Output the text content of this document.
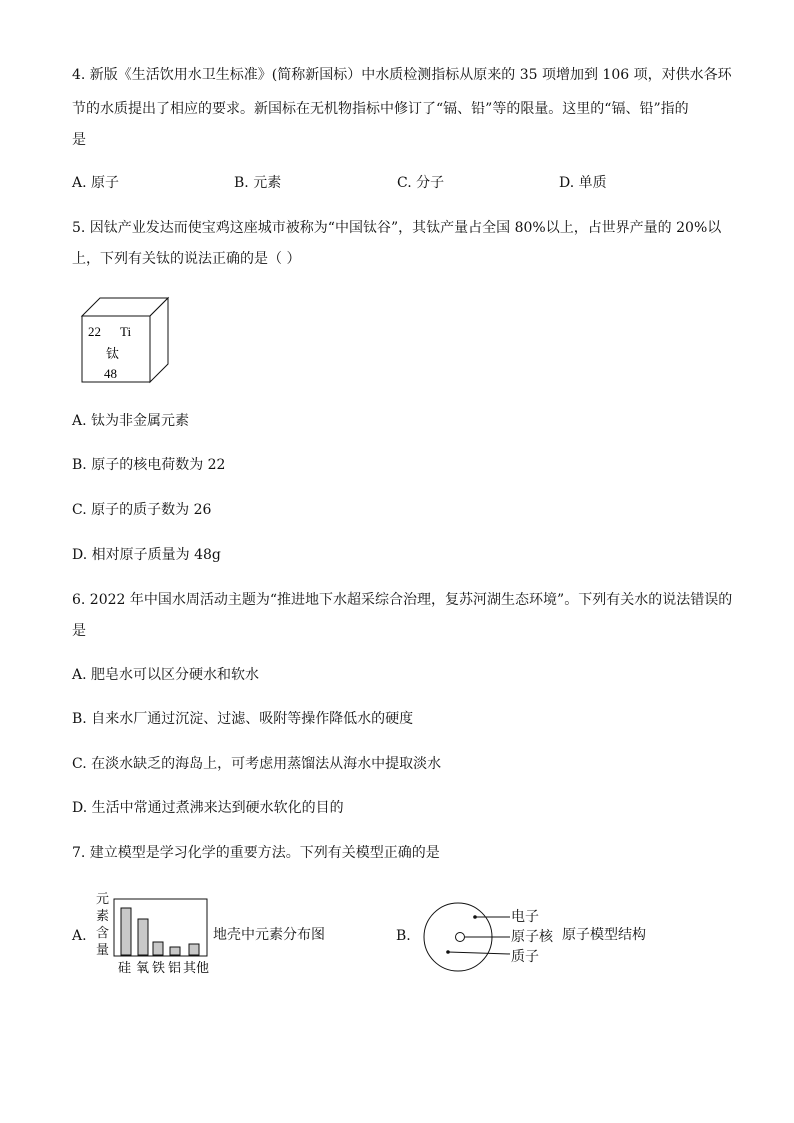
4. 新版《生活饮用水卫生标准》(简称新国标）中水质检测指标从原来的 35 项增加到 106 项，对供水各环
节的水质提出了相应的要求。新国标在无机物指标中修订了“镉、铅”等的限量。这里的“镉、铅”指的
是
A. 原子	B. 元素	C. 分子	D. 单质
5. 因钛产业发达而使宝鸡这座城市被称为“中国钛谷”，其钛产量占全国 80%以上，占世界产量的 20%以
上，下列有关钛的说法正确的是（ ）
22 Ti
钛
48
A. 钛为非金属元素
B. 原子的核电荷数为 22
C. 原子的质子数为 26
D. 相对原子质量为 48g
6. 2022 年中国水周活动主题为“推进地下水超采综合治理，复苏河湖生态环境”。下列有关水的说法错误的
是
A. 肥皂水可以区分硬水和软水
B. 自来水厂通过沉淀、过滤、吸附等操作降低水的硬度
C. 在淡水缺乏的海岛上，可考虑用蒸馏法从海水中提取淡水
D. 生活中常通过煮沸来达到硬水软化的目的
7. 建立模型是学习化学的重要方法。下列有关模型正确的是
A.
元
素
含
量
硅 氧 铁 铝 其他
地壳中元素分布图	B.
电子
原子核
质子
原子模型结构
